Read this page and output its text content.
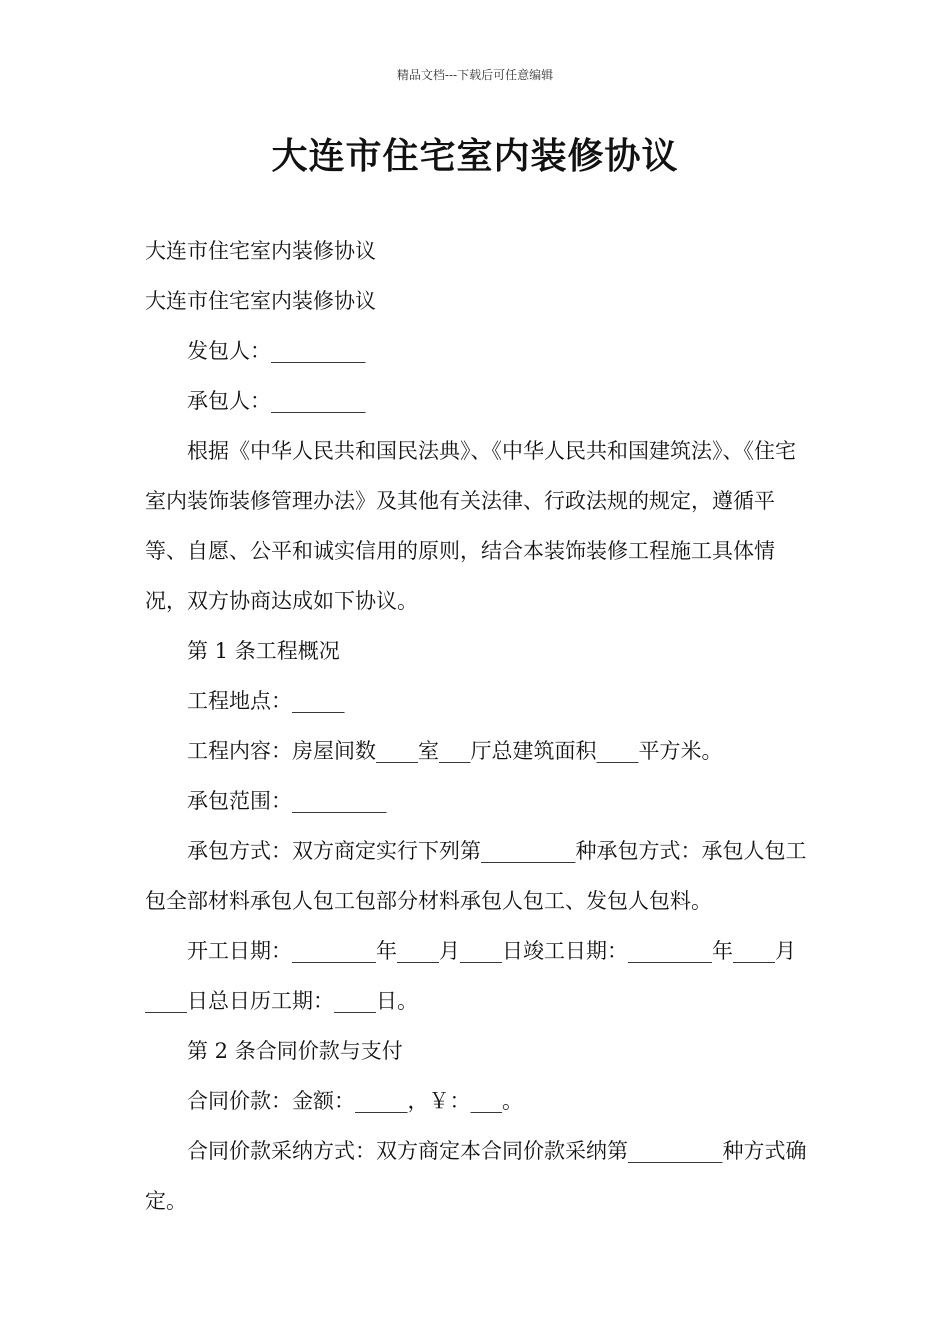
精品文档---下载后可任意编辑
大连市住宅室内装修协议

大连市住宅室内装修协议

大连市住宅室内装修协议

发包人：_________

承包人：_________

根据《中华人民共和国民法典》、《中华人民共和国建筑法》、《住宅室内装饰装修管理办法》及其他有关法律、行政法规的规定，遵循平等、自愿、公平和诚实信用的原则，结合本装饰装修工程施工具体情况，双方协商达成如下协议。

第 1 条工程概况

工程地点：_____

工程内容：房屋间数____室___厅总建筑面积____平方米。

承包范围：_________

承包方式：双方商定实行下列第_________种承包方式：承包人包工包全部材料承包人包工包部分材料承包人包工、发包人包料。

开工日期：________年____月____日竣工日期：________年____月____日总日历工期：____日。

第 2 条合同价款与支付

合同价款：金额：_____，￥：___。

合同价款采纳方式：双方商定本合同价款采纳第_________种方式确定。
